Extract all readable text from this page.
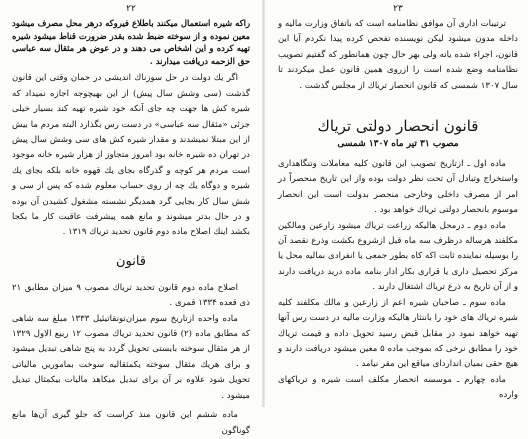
۲۲

راكه شيره استعمال ميكنند باطلاع فيروكه درهر محل مصرف ميشود معين نموده و از سوخته ضبط شده بقدر ضرورت قناط ميشود شيره تهيه كرده و اين اشخاص مى دهند و در عوض هر مثقال سه عباسى حق الزحمه دريافت ميدارند .

اگر يك دولت در حل سوزناك انديشى در حمان وقتى اين قانون گذشت (سى وشش سال پيش) از اين بهيچوجه اجازه نميداد كه شيره كش ها جهت چه جاى آنكه خود شيره تهيه كند بسيار خيلى جزئى «مثقال سه عباسى» در دست رس بگذارد البته مردم ما بيش از اين مبتلا نميشدند و مقدار شيره كش هاى سى وشش سال پيش در تهران ده شيره خانه بود امروز متجاوز از هزار شيره خانه موجود است مردم هر كوچه و گذرگاه بجاى يك قهوه خانه بلكه بجاى يك شيره و دوگاه يك چه از روى حساب معلوم شده كه پس از سى و شش سال كار بجايى گرد همدیگر نشسته مشغول كشيدن آن بوده و در حال بدتر ميشوند و مانع همه پيشرفت عاقبت كار ما بكجا بكشد اينك اصلاح ماده دوم قانون تحديد ترياك ۱۳۱۹ .

قانون

اصلاح ماده دوم قانون تحديد ترياك مصوب ۹ ميزان مطابق ۲۱ ذى قعده ۱۳۳۴ قمرى .

ماده واحده ازتاريخ سوم ميزان‌تونقاتيئيل ۱۳۳۳ مبلغ سه شاهى كه مطابق ماده (۲) قانون تحديد ترياك مصوب ۱۲ ربيع الاول ۱۳۲۹ از هر مثقال سوخته بايستى تحويل گردد به پنج شاهى تبديل ميشود و براى هريك مثقال سوخته يكمثقاليه سوخت بماموريں مالياتى تحويل شود علاوه بر آن براى تبديل ميكاهد ماليات بيكمثال تبديل ميشود .

ماده ششم اين قانون منذ كراست كه جلو گيرى آن‌ها مانع گوناگون

۲۳

ترتيبات ادارى آن موافق نظامنامه است كه باتفاق وزارت ماليه و داخله مدون ميشود ليكن نويسنده تفحص كرده پيدا نكردم آيا اين قانون، اجراء شده يانه ولى بهر حال چون همانطور كه گفتيم تصويب نظامنامه وضع شده است را ازروى همين قانون عمل ميكردند تا سال ۱۳۰۷ شمسى كه قانون انحصار ترياك از مجلس گذشت .

قانون انحصار دولتى ترياك
مصوب ۳۱ تير ماه ۱۳۰۷ شمسى

ماده اول ـ ازتاريخ تصويب اين قانون كليه معاملات وتنگاهدارى واستخراج وتبادل آن تحت نظر دولت بوده واز اين تاريخ منحصراً در امر از مصرف داخلى وخارجى منحصر بدولت است اين انحصار موسوم بانحصار دولتى ترياك خواهد بود .

ماده دوم ـ درمحل هاليكه زراعت ترياك ميشود زارعين ومالكين مكلفند هرساله درظرف سه ماه قبل ازشروع بكشت وذرع نقصد آن را بوسيله نماينده ثابت اكه كاه بطور جمعى يا انفرادى بماليه محل يا مركز تحصيل دارى يا قرارى بكار ادار بنامه ماده دريد دريافت دارند و از آن تاريخ به ذرع ترياك اشتغال دارند .

ماده سوم ـ صاحبان شيره اعم از زارعين و مالك مكلفند كليه شيره ترياك هاى خود را باننثار هاليكه وزارت ماليه در دست رس آنها تهيه خواهد نمود در مقابل قبض رسيد تحويل داده و قيمت ترياك خود را مطابق نرخى كه بموجب ماده ۵ معين ميشود دريافت دارند و هيچ حقى بميان اندارداى مياقع اين مقر نيامد .

ماده چهارم ـ موسسه انحصار مكلف است شيره و ترياكهاى وارده
